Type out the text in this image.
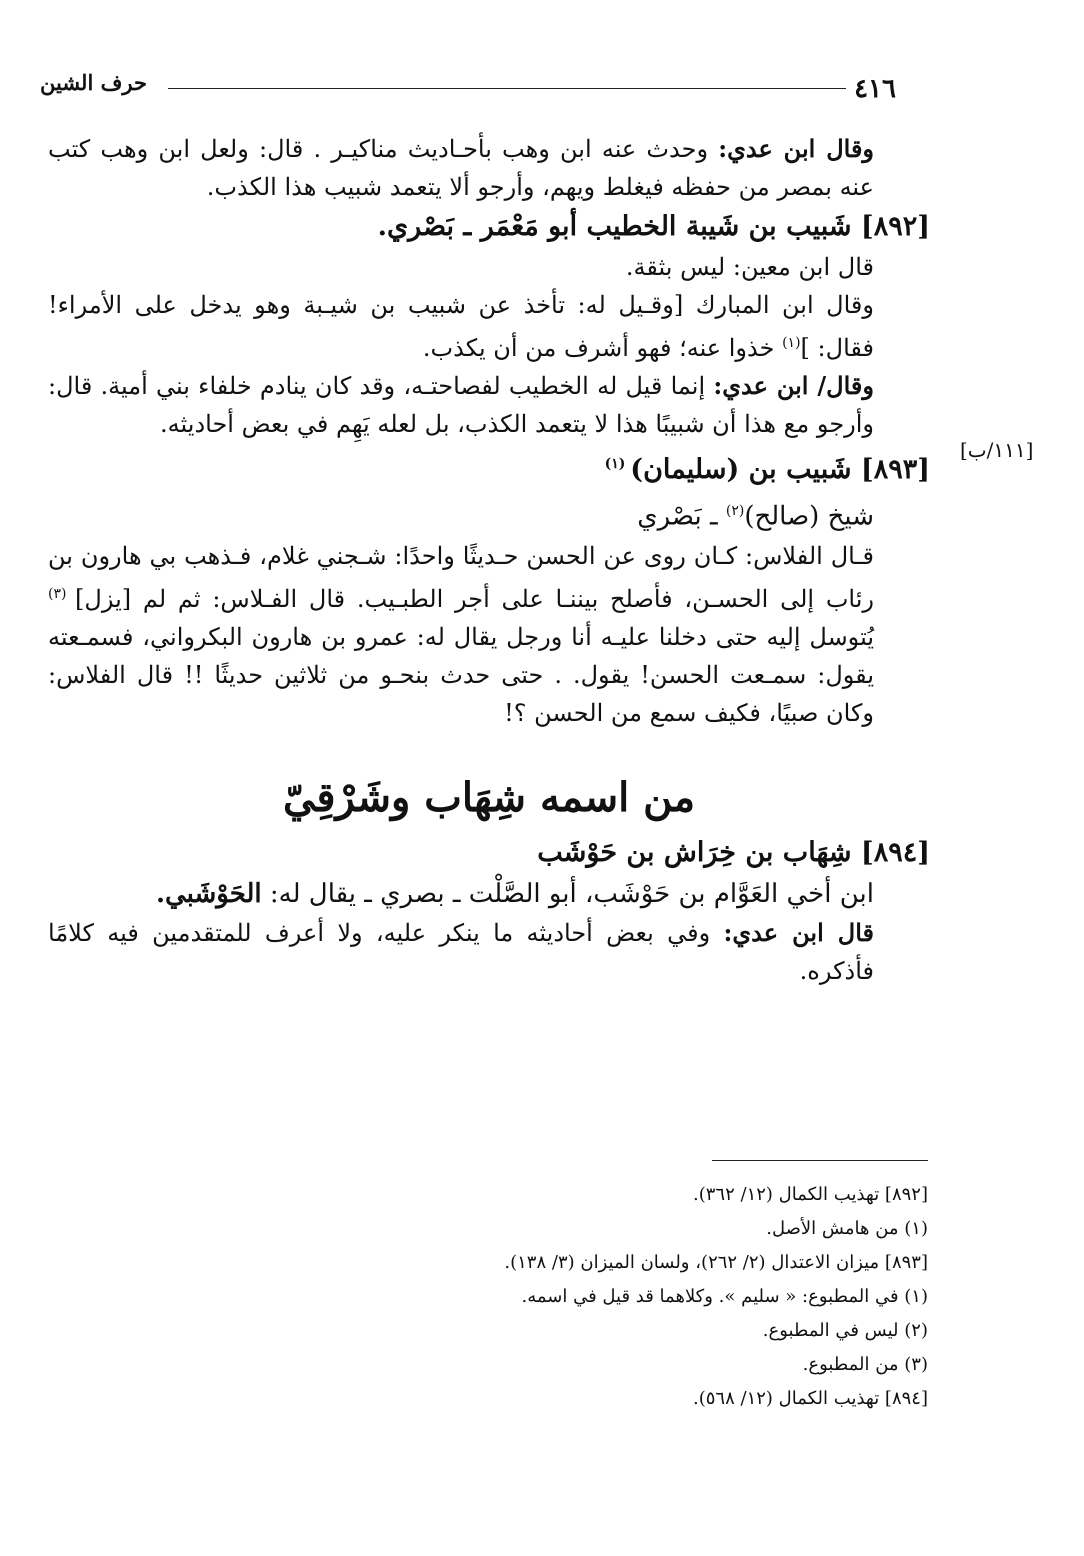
٤١٦
حرف الشين
[١١١/ب]

وقال ابن عدي: وحدث عنه ابن وهب بأحـاديث مناكيـر . قال: ولعل ابن وهب كتب عنه بمصر من حفظه فيغلط ويهم، وأرجو ألا يتعمد شبيب هذا الكذب.

[٨٩٢] شَبيب بن شَيبة الخطيب أبو مَعْمَر ـ بَصْري.

قال ابن معين: ليس بثقة.

وقال ابن المبارك [وقـيل له: تأخذ عن شبيب بن شيـبة وهو يدخل على الأمراء! فقال: ]$^{(١)}$ خذوا عنه؛ فهو أشرف من أن يكذب.

وقال/ ابن عدي: إنما قيل له الخطيب لفصاحتـه، وقد كان ينادم خلفاء بني أمية. قال: وأرجو مع هذا أن شبيبًا هذا لا يتعمد الكذب، بل لعله يَهِم في بعض أحاديثه.

[٨٩٣] شَبيب بن (سليمان) $^{(١)}$

شيخ (صالح)$^{(٢)}$ ـ بَصْري

قـال الفلاس: كـان روى عن الحسن حـديثًا واحدًا: شـجني غلام، فـذهب بي هارون بن رئاب إلى الحسـن، فأصلح بيننـا على أجر الطبـيب. قال الفـلاس: ثم لم [يزل] $^{(٣)}$ يُتوسل إليه حتى دخلنا عليـه أنا ورجل يقال له: عمرو بن هارون البكرواني، فسمـعته يقول: سمـعت الحسن! يقول. . حتى حدث بنحـو من ثلاثين حديثًا !! قال الفلاس: وكان صبيًا، فكيف سمع من الحسن ؟!

من اسمه شِهَاب وشَرْقِيّ

[٨٩٤] شِهَاب بن خِرَاش بن حَوْشَب

ابن أخي العَوَّام بن حَوْشَب، أبو الصَّلْت ـ بصري ـ يقال له: الحَوْشَبي.

قال ابن عدي: وفي بعض أحاديثه ما ينكر عليه، ولا أعرف للمتقدمين فيه كلامًا فأذكره.

[٨٩٢] تهذيب الكمال (١٢/ ٣٦٢).

(١) من هامش الأصل.

[٨٩٣] ميزان الاعتدال (٢/ ٢٦٢)، ولسان الميزان (٣/ ١٣٨).

(١) في المطبوع: « سليم ». وكلاهما قد قيل في اسمه.

(٢) ليس في المطبوع.

(٣) من المطبوع.

[٨٩٤] تهذيب الكمال (١٢/ ٥٦٨).
